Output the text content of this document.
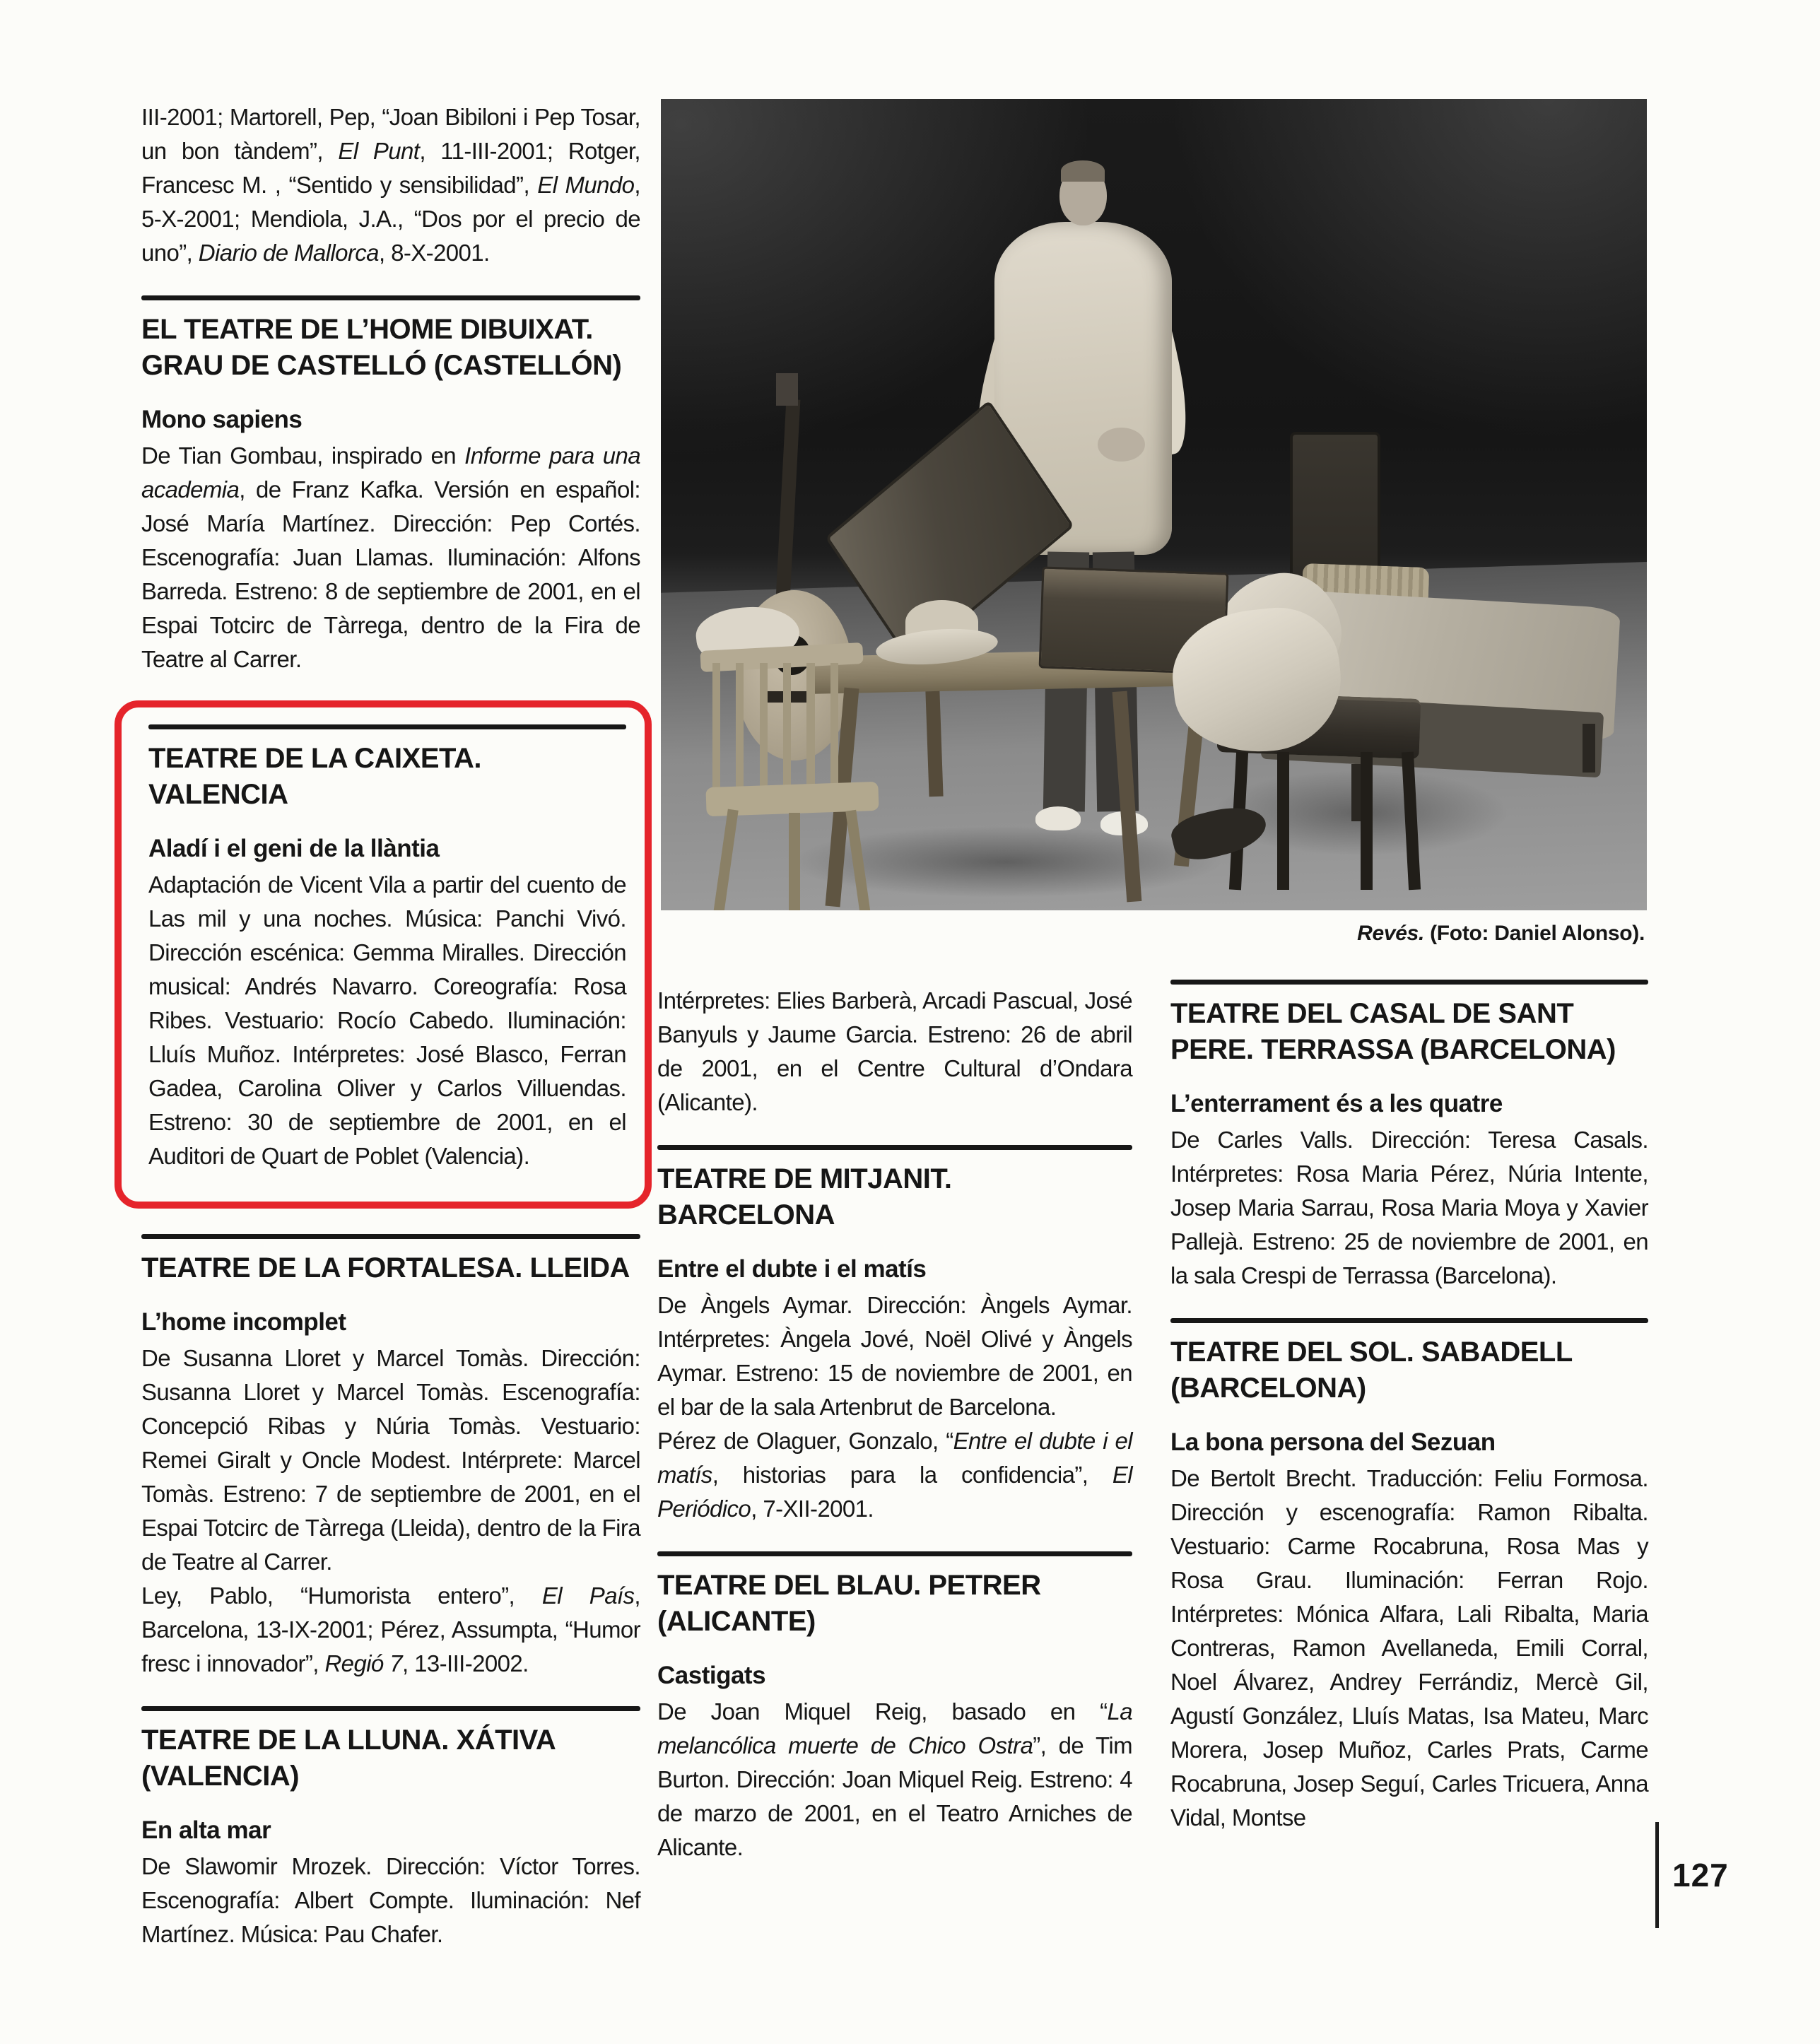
III-2001; Martorell, Pep, “Joan Bibiloni i Pep Tosar, un bon tàndem”, El Punt, 11-III-2001; Rotger, Francesc M. , “Sentido y sensibilidad”, El Mundo, 5-X-2001; Mendiola, J.A., “Dos por el precio de uno”, Diario de Mallorca, 8-X-2001.

EL TEATRE DE L’HOME DIBUIXAT. GRAU DE CASTELLÓ (CASTELLÓN)
Mono sapiens

De Tian Gombau, inspirado en Informe para una academia, de Franz Kafka. Versión en español: José María Martínez. Dirección: Pep Cortés. Escenografía: Juan Llamas. Iluminación: Alfons Barreda. Estreno: 8 de septiembre de 2001, en el Espai Totcirc de Tàrrega, dentro de la Fira de Teatre al Carrer.

TEATRE DE LA CAIXETA. VALENCIA
Aladí i el geni de la llàntia

Adaptación de Vicent Vila a partir del cuento de Las mil y una noches. Música: Panchi Vivó. Dirección escénica: Gemma Miralles. Dirección musical: Andrés Navarro. Coreografía: Rosa Ribes. Vestuario: Rocío Cabedo. Iluminación: Lluís Muñoz. Intérpretes: José Blasco, Ferran Gadea, Carolina Oliver y Carlos Villuendas. Estreno: 30 de septiembre de 2001, en el Auditori de Quart de Poblet (Valencia).

TEATRE DE LA FORTALESA. LLEIDA
L’home incomplet

De Susanna Lloret y Marcel Tomàs. Dirección: Susanna Lloret y Marcel Tomàs. Escenografía: Concepció Ribas y Núria Tomàs. Vestuario: Remei Giralt y Oncle Modest. Intérprete: Marcel Tomàs. Estreno: 7 de septiembre de 2001, en el Espai Totcirc de Tàrrega (Lleida), dentro de la Fira de Teatre al Carrer.

Ley, Pablo, “Humorista entero”, El País, Barcelona, 13-IX-2001; Pérez, Assumpta, “Humor fresc i innovador”, Regió 7, 13-III-2002.

TEATRE DE LA LLUNA. XÁTIVA (VALENCIA)
En alta mar

De Slawomir Mrozek. Dirección: Víctor Torres. Escenografía: Albert Compte. Iluminación: Nef Martínez. Música: Pau Chafer.

Revés. (Foto: Daniel Alonso).

Intérpretes: Elies Barberà, Arcadi Pascual, José Banyuls y Jaume Garcia. Estreno: 26 de abril de 2001, en el Centre Cultural d’Ondara (Alicante).

TEATRE DE MITJANIT. BARCELONA
Entre el dubte i el matís

De Àngels Aymar. Dirección: Àngels Aymar. Intérpretes: Àngela Jové, Noël Olivé y Àngels Aymar. Estreno: 15 de noviembre de 2001, en el bar de la sala Artenbrut de Barcelona.

Pérez de Olaguer, Gonzalo, “Entre el dubte i el matís, historias para la confidencia”, El Periódico, 7-XII-2001.

TEATRE DEL BLAU. PETRER (ALICANTE)
Castigats

De Joan Miquel Reig, basado en “La melancólica muerte de Chico Ostra”, de Tim Burton. Dirección: Joan Miquel Reig. Estreno: 4 de marzo de 2001, en el Teatro Arniches de Alicante.

TEATRE DEL CASAL DE SANT PERE. TERRASSA (BARCELONA)
L’enterrament és a les quatre

De Carles Valls. Dirección: Teresa Casals. Intérpretes: Rosa Maria Pérez, Núria Intente, Josep Maria Sarrau, Rosa Maria Moya y Xavier Pallejà. Estreno: 25 de noviembre de 2001, en la sala Crespi de Terrassa (Barcelona).

TEATRE DEL SOL. SABADELL (BARCELONA)
La bona persona del Sezuan

De Bertolt Brecht. Traducción: Feliu Formosa. Dirección y escenografía: Ramon Ribalta. Vestuario: Carme Rocabruna, Rosa Mas y Rosa Grau. Iluminación: Ferran Rojo. Intérpretes: Mónica Alfara, Lali Ribalta, Maria Contreras, Ramon Avellaneda, Emili Corral, Noel Álvarez, Andrey Ferrándiz, Mercè Gil, Agustí González, Lluís Matas, Isa Mateu, Marc Morera, Josep Muñoz, Carles Prats, Carme Rocabruna, Josep Seguí, Carles Tricuera, Anna Vidal, Montse

127
